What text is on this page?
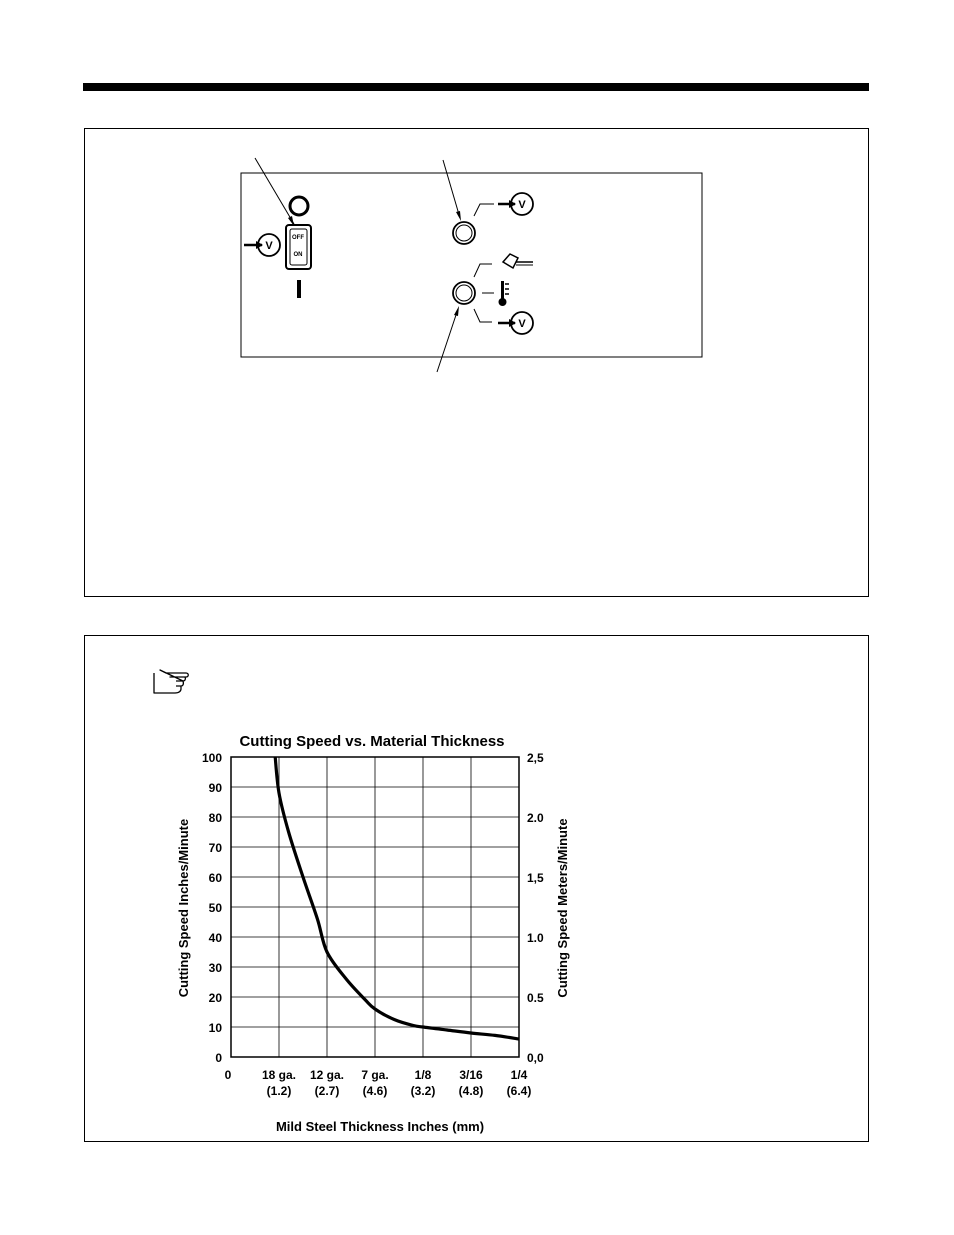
V
OFF
ON
V
V
Cutting Speed vs. Material Thickness
0
10
20
30
40
50
60
70
80
90
100
0,0
0.5
1.0
1,5
2.0
2,5
0	18 ga.
(1.2)
12 ga.
(2.7)
7 ga.
(4.6)
1/8
(3.2)
3/16
(4.8)
1/4
(6.4)
Cutting Speed Inches/Minute	Cutting Speed Meters/Minute
Mild Steel Thickness Inches (mm)
